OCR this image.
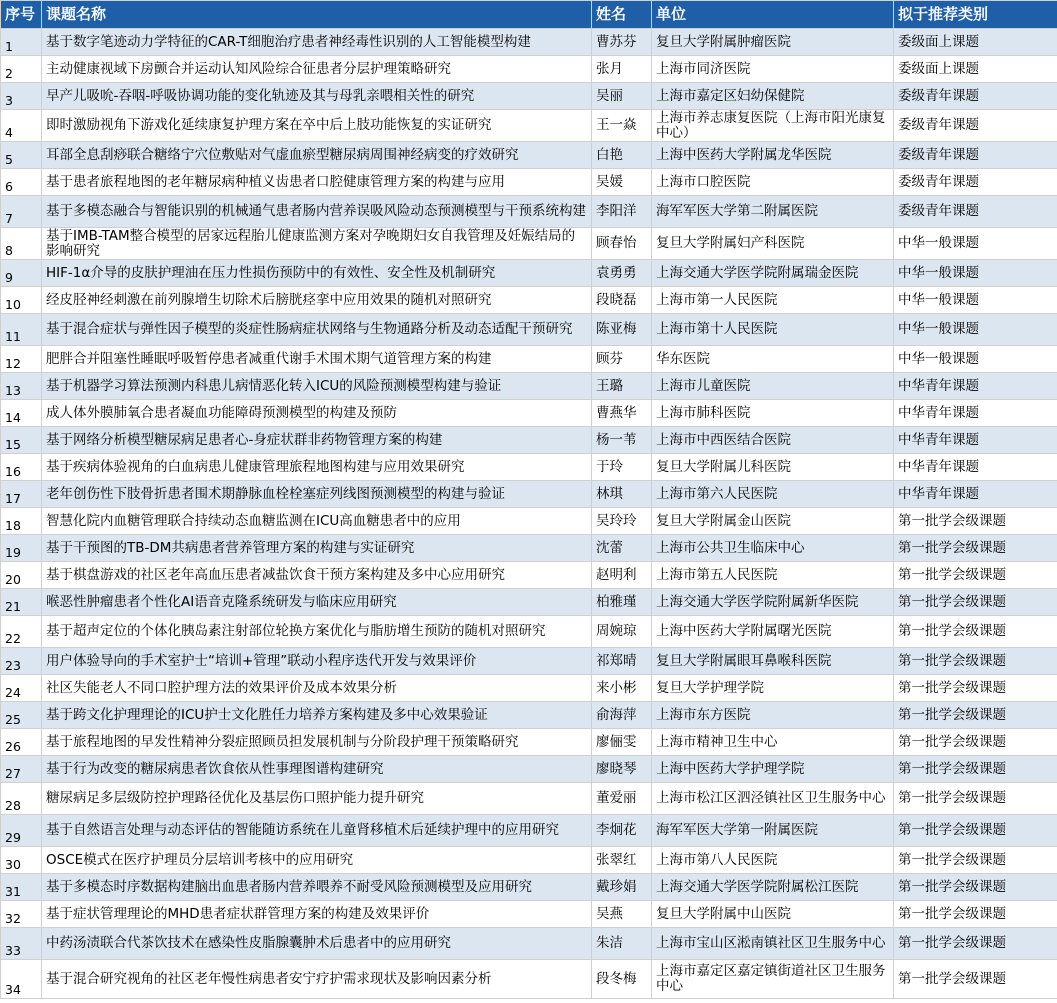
序号	课题名称	姓名	单位	拟于推荐类别
1	基于数字笔迹动力学特征的CAR-T细胞治疗患者神经毒性识别的人工智能模型构建	曹苏芬	复旦大学附属肿瘤医院	委级面上课题
2	主动健康视域下房颤合并运动认知风险综合征患者分层护理策略研究	张月	上海市同济医院	委级面上课题
3	早产儿吸吮-吞咽-呼吸协调功能的变化轨迹及其与母乳亲喂相关性的研究	吴丽	上海市嘉定区妇幼保健院	委级青年课题
4	即时激励视角下游戏化延续康复护理方案在卒中后上肢功能恢复的实证研究	王一焱	上海市养志康复医院（上海市阳光康复中心）	委级青年课题
5	耳部全息刮痧联合糖络宁穴位敷贴对气虚血瘀型糖尿病周围神经病变的疗效研究	白艳	上海中医药大学附属龙华医院	委级青年课题
6	基于患者旅程地图的老年糖尿病种植义齿患者口腔健康管理方案的构建与应用	吴媛	上海市口腔医院	委级青年课题
7	基于多模态融合与智能识别的机械通气患者肠内营养误吸风险动态预测模型与干预系统构建	李阳洋	海军军医大学第二附属医院	委级青年课题
8	基于IMB-TAM整合模型的居家远程胎儿健康监测方案对孕晚期妇女自我管理及妊娠结局的影响研究	顾春怡	复旦大学附属妇产科医院	中华一般课题
9	HIF-1α介导的皮肤护理油在压力性损伤预防中的有效性、安全性及机制研究	袁勇勇	上海交通大学医学院附属瑞金医院	中华一般课题
10	经皮胫神经刺激在前列腺增生切除术后膀胱痉挛中应用效果的随机对照研究	段晓磊	上海市第一人民医院	中华一般课题
11	基于混合症状与弹性因子模型的炎症性肠病症状网络与生物通路分析及动态适配干预研究	陈亚梅	上海市第十人民医院	中华一般课题
12	肥胖合并阻塞性睡眠呼吸暂停患者减重代谢手术围术期气道管理方案的构建	顾芬	华东医院	中华一般课题
13	基于机器学习算法预测内科患儿病情恶化转入ICU的风险预测模型构建与验证	王璐	上海市儿童医院	中华青年课题
14	成人体外膜肺氧合患者凝血功能障碍预测模型的构建及预防	曹燕华	上海市肺科医院	中华青年课题
15	基于网络分析模型糖尿病足患者心-身症状群非药物管理方案的构建	杨一苇	上海市中西医结合医院	中华青年课题
16	基于疾病体验视角的白血病患儿健康管理旅程地图构建与应用效果研究	于玲	复旦大学附属儿科医院	中华青年课题
17	老年创伤性下肢骨折患者围术期静脉血栓栓塞症列线图预测模型的构建与验证	林琪	上海市第六人民医院	中华青年课题
18	智慧化院内血糖管理联合持续动态血糖监测在ICU高血糖患者中的应用	吴玲玲	复旦大学附属金山医院	第一批学会级课题
19	基于干预图的TB-DM共病患者营养管理方案的构建与实证研究	沈蕾	上海市公共卫生临床中心	第一批学会级课题
20	基于棋盘游戏的社区老年高血压患者减盐饮食干预方案构建及多中心应用研究	赵明利	上海市第五人民医院	第一批学会级课题
21	喉恶性肿瘤患者个性化AI语音克隆系统研发与临床应用研究	柏雅瑾	上海交通大学医学院附属新华医院	第一批学会级课题
22	基于超声定位的个体化胰岛素注射部位轮换方案优化与脂肪增生预防的随机对照研究	周婉琼	上海中医药大学附属曙光医院	第一批学会级课题
23	用户体验导向的手术室护士“培训+管理”联动小程序迭代开发与效果评价	祁郑晴	复旦大学附属眼耳鼻喉科医院	第一批学会级课题
24	社区失能老人不同口腔护理方法的效果评价及成本效果分析	来小彬	复旦大学护理学院	第一批学会级课题
25	基于跨文化护理理论的ICU护士文化胜任力培养方案构建及多中心效果验证	俞海萍	上海市东方医院	第一批学会级课题
26	基于旅程地图的早发性精神分裂症照顾员担发展机制与分阶段护理干预策略研究	廖俪雯	上海市精神卫生中心	第一批学会级课题
27	基于行为改变的糖尿病患者饮食依从性事理图谱构建研究	廖晓琴	上海中医药大学护理学院	第一批学会级课题
28	糖尿病足多层级防控护理路径优化及基层伤口照护能力提升研究	董爱丽	上海市松江区泗泾镇社区卫生服务中心	第一批学会级课题
29	基于自然语言处理与动态评估的智能随访系统在儿童肾移植术后延续护理中的应用研究	李炯花	海军军医大学第一附属医院	第一批学会级课题
30	OSCE模式在医疗护理员分层培训考核中的应用研究	张翠红	上海市第八人民医院	第一批学会级课题
31	基于多模态时序数据构建脑出血患者肠内营养喂养不耐受风险预测模型及应用研究	戴珍娟	上海交通大学医学院附属松江医院	第一批学会级课题
32	基于症状管理理论的MHD患者症状群管理方案的构建及效果评价	吴燕	复旦大学附属中山医院	第一批学会级课题
33	中药汤渍联合代茶饮技术在感染性皮脂腺囊肿术后患者中的应用研究	朱洁	上海市宝山区淞南镇社区卫生服务中心	第一批学会级课题
34	基于混合研究视角的社区老年慢性病患者安宁疗护需求现状及影响因素分析	段冬梅	上海市嘉定区嘉定镇街道社区卫生服务中心	第一批学会级课题
